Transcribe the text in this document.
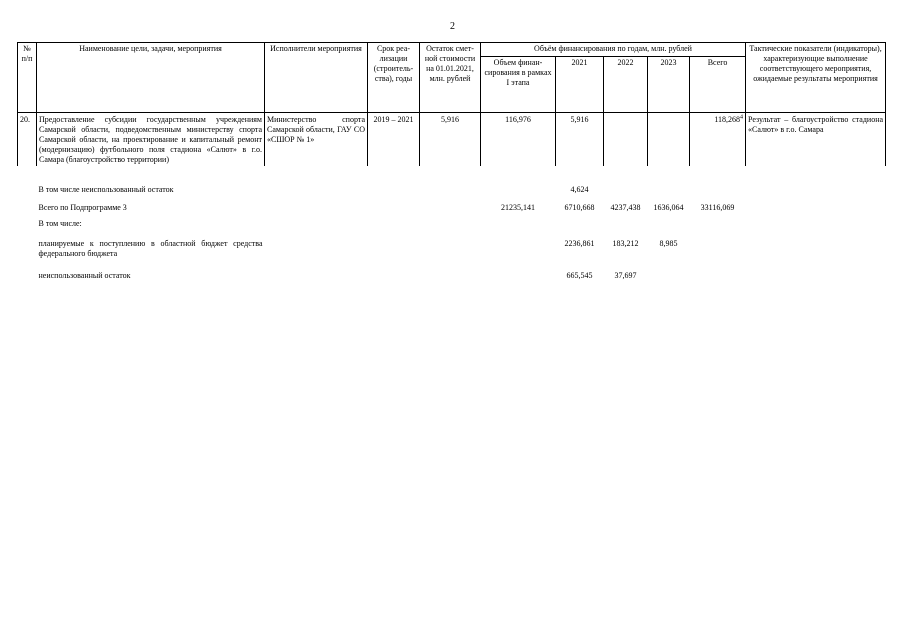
2
№ п/п	Наименование цели, задачи, мероприятия	Исполнители мероприятия	Срок реа-лизации (строитель-ства), годы	Остаток смет-ной стоимости на 01.01.2021, млн. рублей	Объём финансирования по годам, млн. рублей					Тактические показатели (индикаторы), характеризующие выполнение соответствующего мероприятия, ожидаемые результаты мероприятия
					Объем финан-сирования в рамках I этапа	2021	2022	2023	Всего	
20.	Предоставление субсидии государственным учреждениям Самарской области, подведомственным министерству спорта Самарской области, на проектирование и капитальный ремонт (модернизацию) футбольного поля стадиона «Салют» в г.о. Самара (благоустройство территории)	Министерство спорта Самарской области, ГАУ СО «СШОР № 1»	2019 – 2021	5,916	116,976	5,916			118,268$^4$	Результат – благоустройство стадиона «Салют» в г.о. Самара

	В том числе неиспользованный остаток					4,624				

	Всего по Подпрограмме 3				21235,141	6710,668	4237,438	1636,064	33116,069	

	В том числе:									

	планируемые к поступлению в областной бюджет средства федерального бюджета					2236,861	183,212	8,985		

	неиспользованный остаток					665,545	37,697			
